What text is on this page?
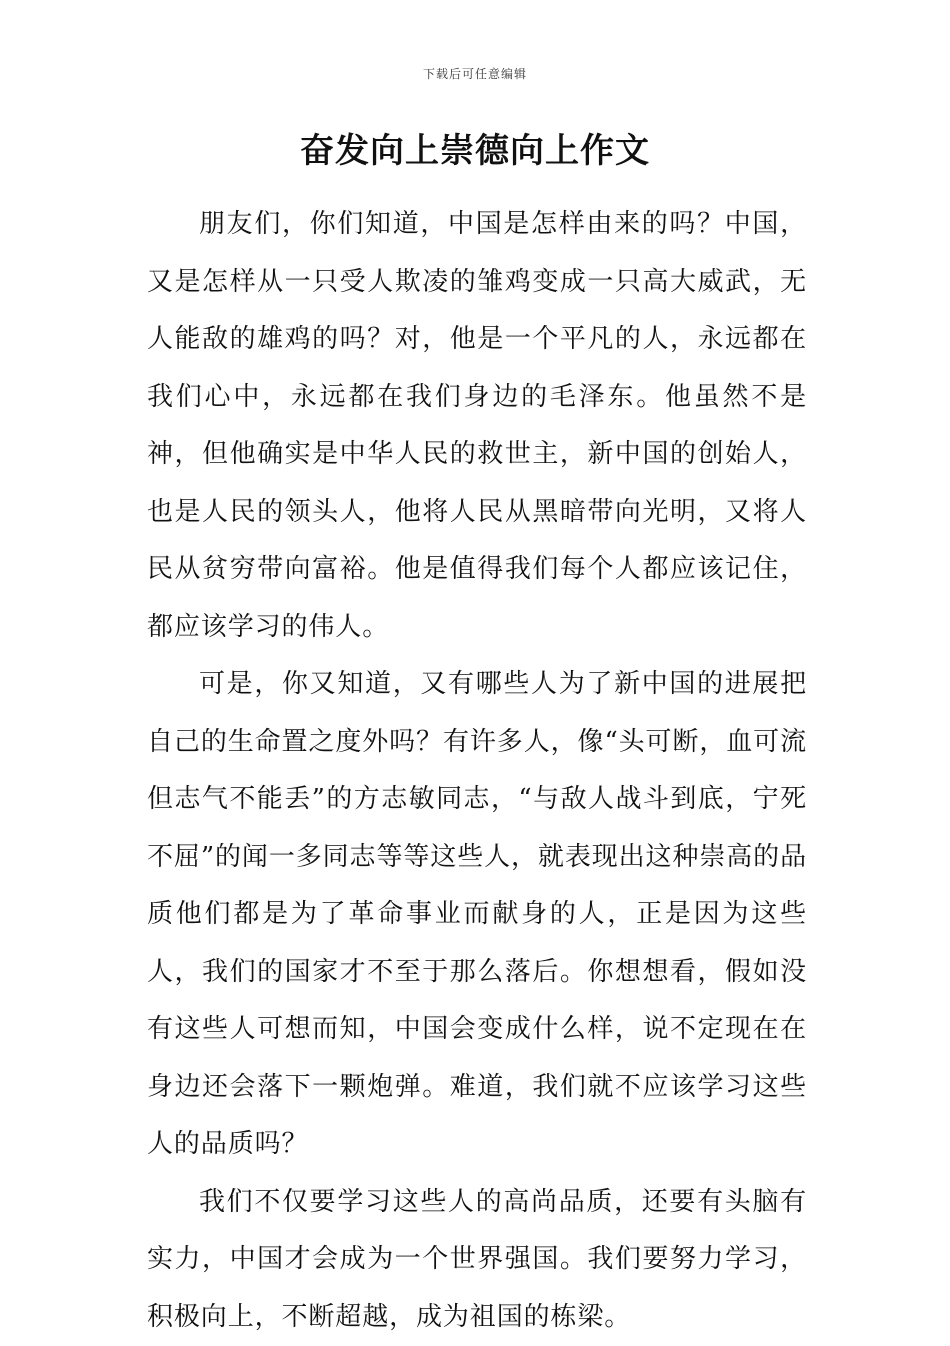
下载后可任意编辑
奋发向上崇德向上作文

朋友们，你们知道，中国是怎样由来的吗？中国，又是怎样从一只受人欺凌的雏鸡变成一只高大威武，无人能敌的雄鸡的吗？对，他是一个平凡的人，永远都在我们心中，永远都在我们身边的毛泽东。他虽然不是神，但他确实是中华人民的救世主，新中国的创始人，也是人民的领头人，他将人民从黑暗带向光明，又将人民从贫穷带向富裕。他是值得我们每个人都应该记住，都应该学习的伟人。

可是，你又知道，又有哪些人为了新中国的进展把自己的生命置之度外吗？有许多人，像“头可断，血可流但志气不能丢”的方志敏同志，“与敌人战斗到底，宁死不屈”的闻一多同志等等这些人，就表现出这种崇高的品质他们都是为了革命事业而献身的人，正是因为这些人，我们的国家才不至于那么落后。你想想看，假如没有这些人可想而知，中国会变成什么样，说不定现在在身边还会落下一颗炮弹。难道，我们就不应该学习这些人的品质吗？

我们不仅要学习这些人的高尚品质，还要有头脑有实力，中国才会成为一个世界强国。我们要努力学习，积极向上，不断超越，成为祖国的栋梁。
